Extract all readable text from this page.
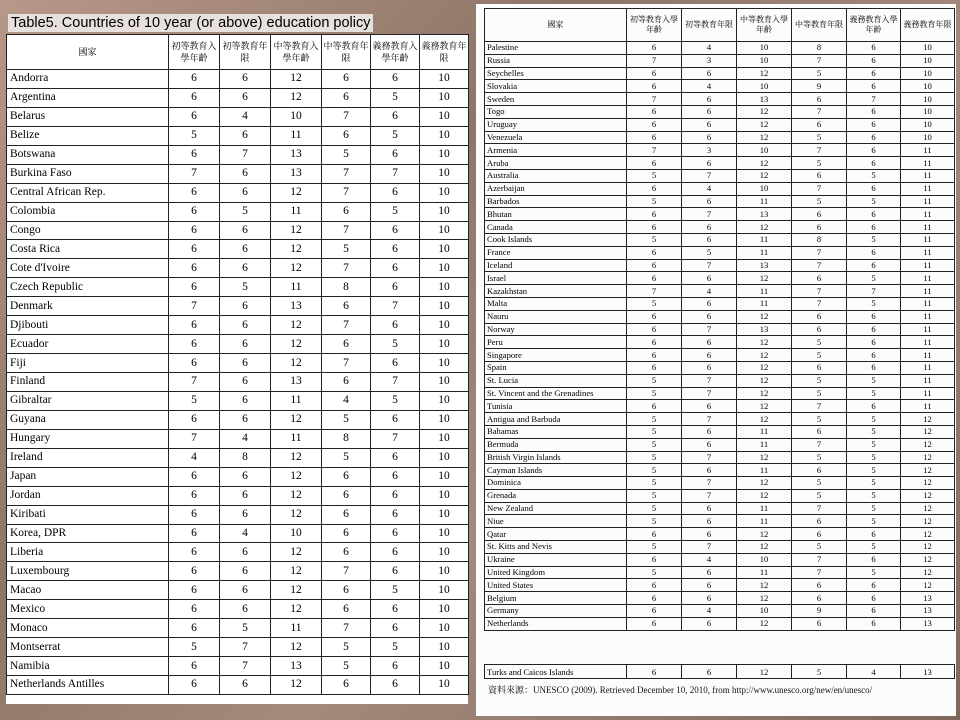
Table5. Countries of 10 year (or above) education policy
國家	初等教育入學年齡	初等教育年限	中等教育入學年齡	中等教育年限	義務教育入學年齡	義務教育年限
Andorra	6	6	12	6	6	10
Argentina	6	6	12	6	5	10
Belarus	6	4	10	7	6	10
Belize	5	6	11	6	5	10
Botswana	6	7	13	5	6	10
Burkina Faso	7	6	13	7	7	10
Central African Rep.	6	6	12	7	6	10
Colombia	6	5	11	6	5	10
Congo	6	6	12	7	6	10
Costa Rica	6	6	12	5	6	10
Cote d'Ivoire	6	6	12	7	6	10
Czech Republic	6	5	11	8	6	10
Denmark	7	6	13	6	7	10
Djibouti	6	6	12	7	6	10
Ecuador	6	6	12	6	5	10
Fiji	6	6	12	7	6	10
Finland	7	6	13	6	7	10
Gibraltar	5	6	11	4	5	10
Guyana	6	6	12	5	6	10
Hungary	7	4	11	8	7	10
Ireland	4	8	12	5	6	10
Japan	6	6	12	6	6	10
Jordan	6	6	12	6	6	10
Kiribati	6	6	12	6	6	10
Korea, DPR	6	4	10	6	6	10
Liberia	6	6	12	6	6	10
Luxembourg	6	6	12	7	6	10
Macao	6	6	12	6	5	10
Mexico	6	6	12	6	6	10
Monaco	6	5	11	7	6	10
Montserrat	5	7	12	5	5	10
Namibia	6	7	13	5	6	10
Netherlands Antilles	6	6	12	6	6	10
國家	初等教育入學年齡	初等教育年限	中等教育入學年齡	中等教育年限	義務教育入學年齡	義務教育年限
Palestine	6	4	10	8	6	10
Russia	7	3	10	7	6	10
Seychelles	6	6	12	5	6	10
Slovakia	6	4	10	9	6	10
Sweden	7	6	13	6	7	10
Togo	6	6	12	7	6	10
Uruguay	6	6	12	6	6	10
Venezuela	6	6	12	5	6	10
Armenia	7	3	10	7	6	11
Aruba	6	6	12	5	6	11
Australia	5	7	12	6	5	11
Azerbaijan	6	4	10	7	6	11
Barbados	5	6	11	5	5	11
Bhutan	6	7	13	6	6	11
Canada	6	6	12	6	6	11
Cook Islands	5	6	11	8	5	11
France	6	5	11	7	6	11
Iceland	6	7	13	7	6	11
Israel	6	6	12	6	5	11
Kazakhstan	7	4	11	7	7	11
Malta	5	6	11	7	5	11
Nauru	6	6	12	6	6	11
Norway	6	7	13	6	6	11
Peru	6	6	12	5	6	11
Singapore	6	6	12	5	6	11
Spain	6	6	12	6	6	11
St. Lucia	5	7	12	5	5	11
St. Vincent and the Grenadines	5	7	12	5	5	11
Tunisia	6	6	12	7	6	11
Antigua and Barbuda	5	7	12	5	5	12
Bahamas	5	6	11	6	5	12
Bermuda	5	6	11	7	5	12
British Virgin Islands	5	7	12	5	5	12
Cayman Islands	5	6	11	6	5	12
Dominica	5	7	12	5	5	12
Grenada	5	7	12	5	5	12
New Zealand	5	6	11	7	5	12
Niue	5	6	11	6	5	12
Qatar	6	6	12	6	6	12
St. Kitts and Nevis	5	7	12	5	5	12
Ukraine	6	4	10	7	6	12
United Kingdom	5	6	11	7	5	12
United States	6	6	12	6	6	12
Belgium	6	6	12	6	6	13
Germany	6	4	10	9	6	13
Netherlands	6	6	12	6	6	13
Turks and Caicos Islands	6	6	12	5	4	13
資料來源：UNESCO (2009). Retrieved December 10, 2010, from http://www.unesco.org/new/en/unesco/
